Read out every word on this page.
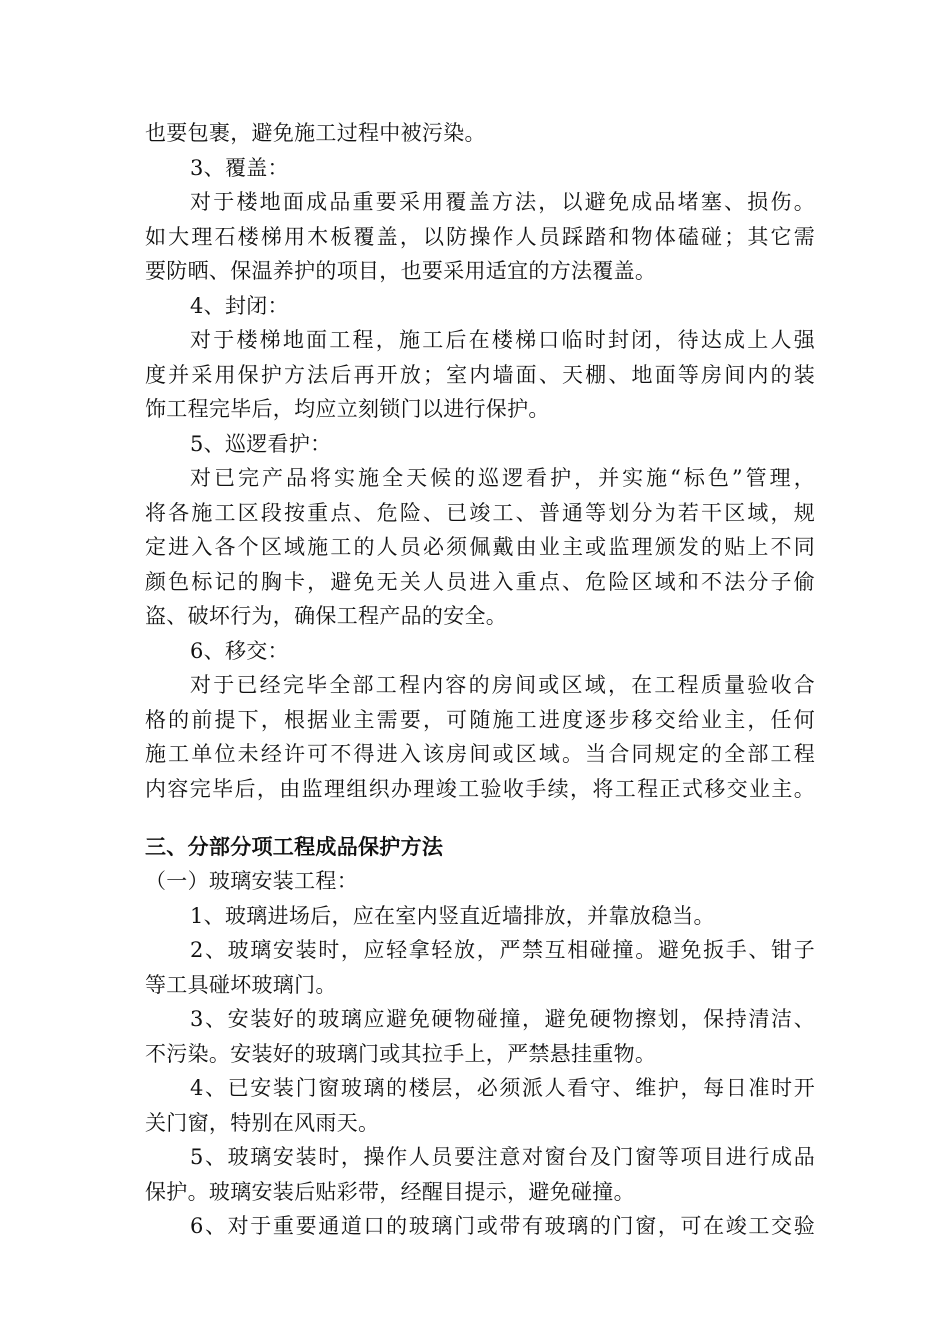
也要包裹，避免施工过程中被污染。
3、覆盖：
对于楼地面成品重要采用覆盖方法，以避免成品堵塞、损伤。
如大理石楼梯用木板覆盖，以防操作人员踩踏和物体磕碰；其它需
要防晒、保温养护的项目，也要采用适宜的方法覆盖。
4、封闭：
对于楼梯地面工程，施工后在楼梯口临时封闭，待达成上人强
度并采用保护方法后再开放；室内墙面、天棚、地面等房间内的装
饰工程完毕后，均应立刻锁门以进行保护。
5、巡逻看护：
对已完产品将实施全天候的巡逻看护，并实施“标色”管理，
将各施工区段按重点、危险、已竣工、普通等划分为若干区域，规
定进入各个区域施工的人员必须佩戴由业主或监理颁发的贴上不同
颜色标记的胸卡，避免无关人员进入重点、危险区域和不法分子偷
盗、破坏行为，确保工程产品的安全。
6、移交：
对于已经完毕全部工程内容的房间或区域，在工程质量验收合
格的前提下，根据业主需要，可随施工进度逐步移交给业主，任何
施工单位未经许可不得进入该房间或区域。当合同规定的全部工程
内容完毕后，由监理组织办理竣工验收手续，将工程正式移交业主。
三、分部分项工程成品保护方法
（一）玻璃安装工程：
1、玻璃进场后，应在室内竖直近墙排放，并靠放稳当。
2、玻璃安装时，应轻拿轻放，严禁互相碰撞。避免扳手、钳子
等工具碰坏玻璃门。
3、安装好的玻璃应避免硬物碰撞，避免硬物擦划，保持清洁、
不污染。安装好的玻璃门或其拉手上，严禁悬挂重物。
4、已安装门窗玻璃的楼层，必须派人看守、维护，每日准时开
关门窗，特别在风雨天。
5、玻璃安装时，操作人员要注意对窗台及门窗等项目进行成品
保护。玻璃安装后贴彩带，经醒目提示，避免碰撞。
6、对于重要通道口的玻璃门或带有玻璃的门窗，可在竣工交验
